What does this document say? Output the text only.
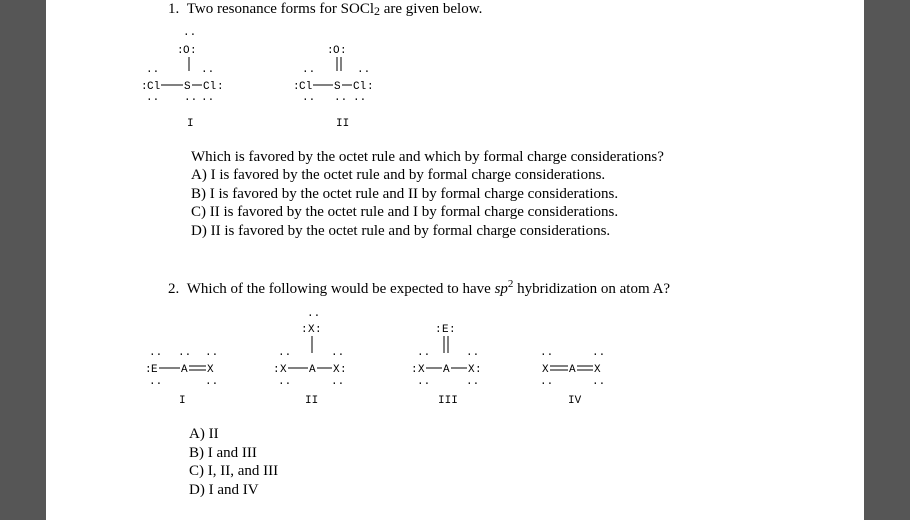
1. Two resonance forms for SOCl2 are given below.
..
: O :
..	..
: Cl S Cl :
.. .. ..
I
: O :
..	..
: Cl S Cl :
.. .. ..
II
Which is favored by the octet rule and which by formal charge considerations?
A) I is favored by the octet rule and by formal charge considerations.
B) I is favored by the octet rule and II by formal charge considerations.
C) II is favored by the octet rule and I by formal charge considerations.
D) II is favored by the octet rule and by formal charge considerations.
2. Which of the following would be expected to have $sp^2$ hybridization on atom A?
.. .. ..
: E A X
..	..
I
..
: X :
..	..
: X A X :
..	..
II
: E :
..	..
: X A X :
..	..
III
..	..
X A X
..	..
IV
A) II
B) I and III
C) I, II, and III
D) I and IV
